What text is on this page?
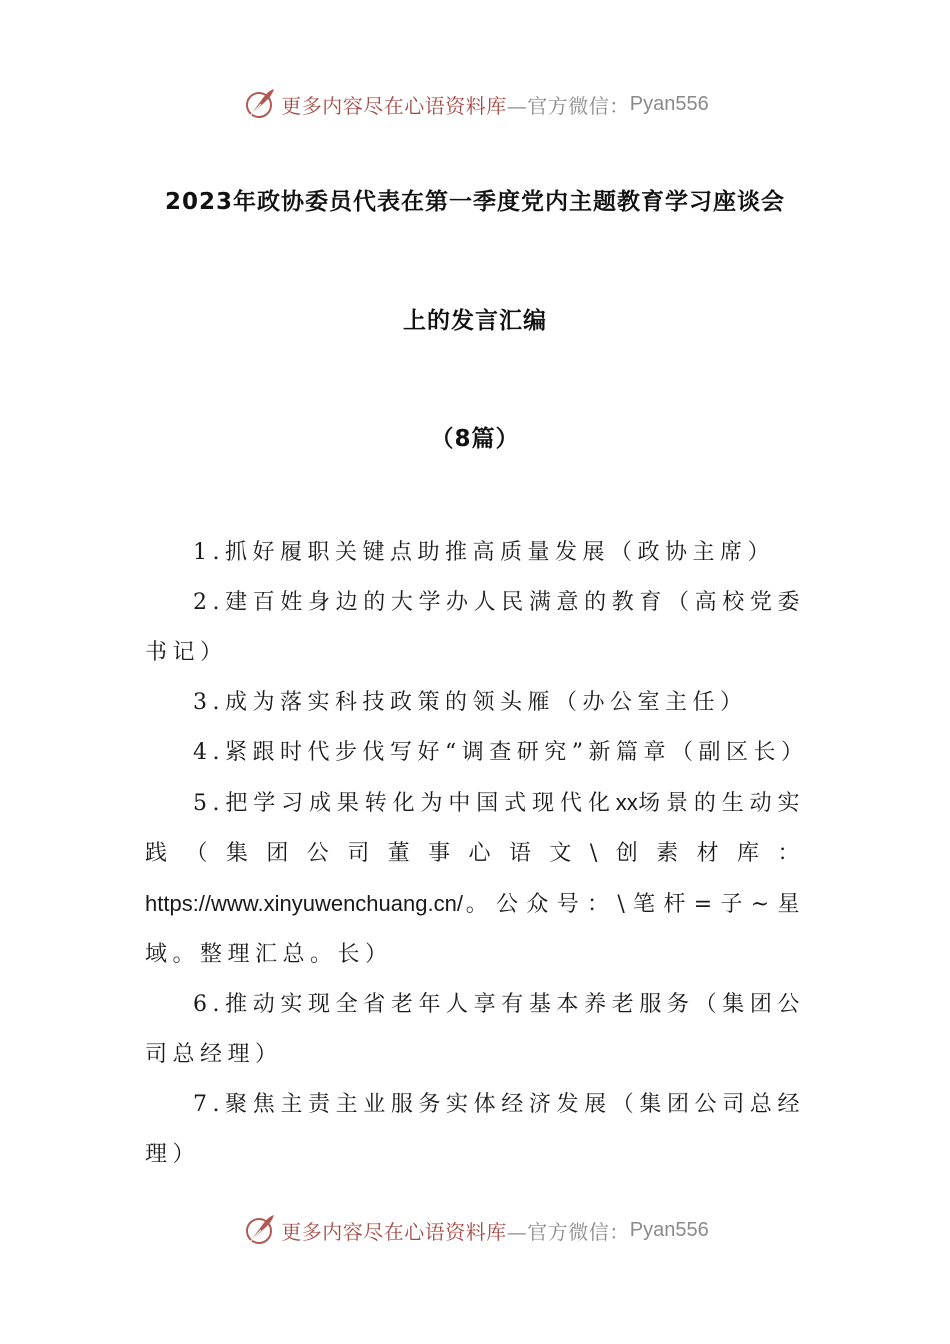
更多内容尽在心语资料库 —官方微信： Pyan556
2023年政协委员代表在第一季度党内主题教育学习座谈会
上的发言汇编
（8篇）

1.抓好履职关键点助推高质量发展（政协主席）

2.建百姓身边的大学办人民满意的教育（高校党委书记）

3.成为落实科技政策的领头雁（办公室主任）

4.紧跟时代步伐写好“调查研究”新篇章（副区长）

5.把学习成果转化为中国式现代化xx场景的生动实践（集团公司董事心语文\创素材库：https://www.xinyuwenchuang.cn/。公众号：\笔杆=子~星域。整理汇总。长）

6.推动实现全省老年人享有基本养老服务（集团公司总经理）

7.聚焦主责主业服务实体经济发展（集团公司总经理）

更多内容尽在心语资料库 —官方微信： Pyan556
